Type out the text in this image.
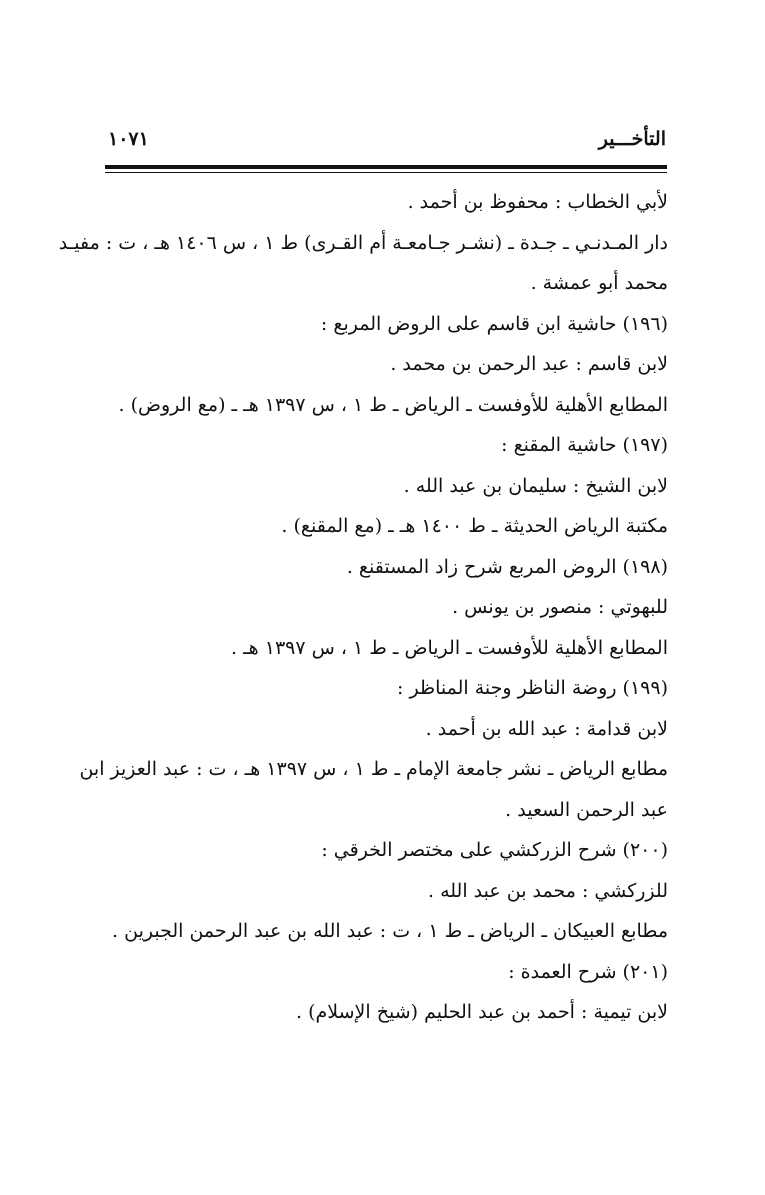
التأخـــير
١٠٧١
لأبي الخطاب : محفوظ بن أحمد .
دار المـدنـي ـ جـدة ـ (نشـر جـامعـة أم القـرى) ط ١ ، س ١٤٠٦ هـ ، ت : مفيـد
محمد أبو عمشة .
(١٩٦) حاشية ابن قاسم على الروض المربع :
لابن قاسم : عبد الرحمن بن محمد .
المطابع الأهلية للأوفست ـ الرياض ـ ط ١ ، س ١٣٩٧ هـ ـ (مع الروض) .
(١٩٧) حاشية المقنع :
لابن الشيخ : سليمان بن عبد الله .
مكتبة الرياض الحديثة ـ ط ١٤٠٠ هـ ـ (مع المقنع) .
(١٩٨) الروض المربع شرح زاد المستقنع .
للبهوتي : منصور بن يونس .
المطابع الأهلية للأوفست ـ الرياض ـ ط ١ ، س ١٣٩٧ هـ .
(١٩٩) روضة الناظر وجنة المناظر :
لابن قدامة : عبد الله بن أحمد .
مطابع الرياض ـ نشر جامعة الإمام ـ ط ١ ، س ١٣٩٧ هـ ، ت : عبد العزيز ابن
عبد الرحمن السعيد .
(٢٠٠) شرح الزركشي على مختصر الخرقي :
للزركشي : محمد بن عبد الله .
مطابع العبيكان ـ الرياض ـ ط ١ ، ت : عبد الله بن عبد الرحمن الجبرين .
(٢٠١) شرح العمدة :
لابن تيمية : أحمد بن عبد الحليم (شيخ الإسلام) .
